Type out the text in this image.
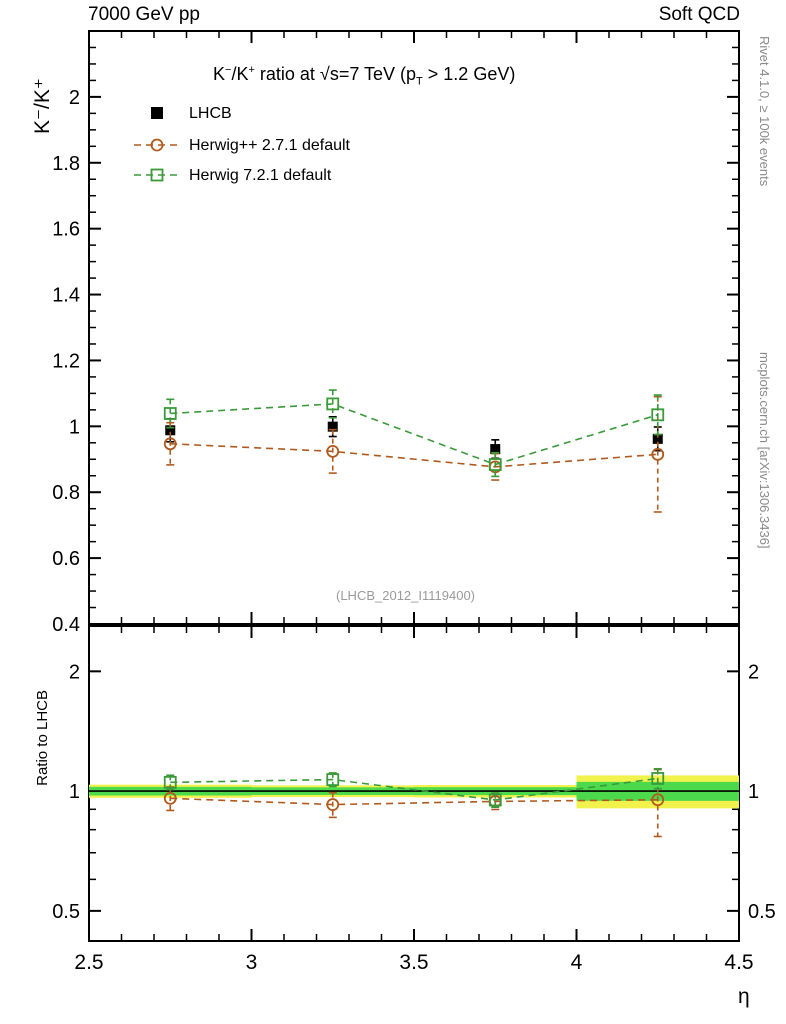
7000 GeV pp	Soft QCD
Rivet 4.1.0, ≥ 100k events
mcplots.cern.ch [arXiv:1306.3436]
K⁻/K⁺
Ratio to LHCB
η
K−/K+ ratio at √s=7 TeV ($p_T > 1.2$ GeV)
(LHCB_2012_I1119400)
0.4
0.6
0.8
1
1.2
1.4
1.6
1.8
2
0.5	0.5
1	1
2	2
2.5	3	3.5	4	4.5
LHCB
Herwig++ 2.7.1 default
Herwig 7.2.1 default
